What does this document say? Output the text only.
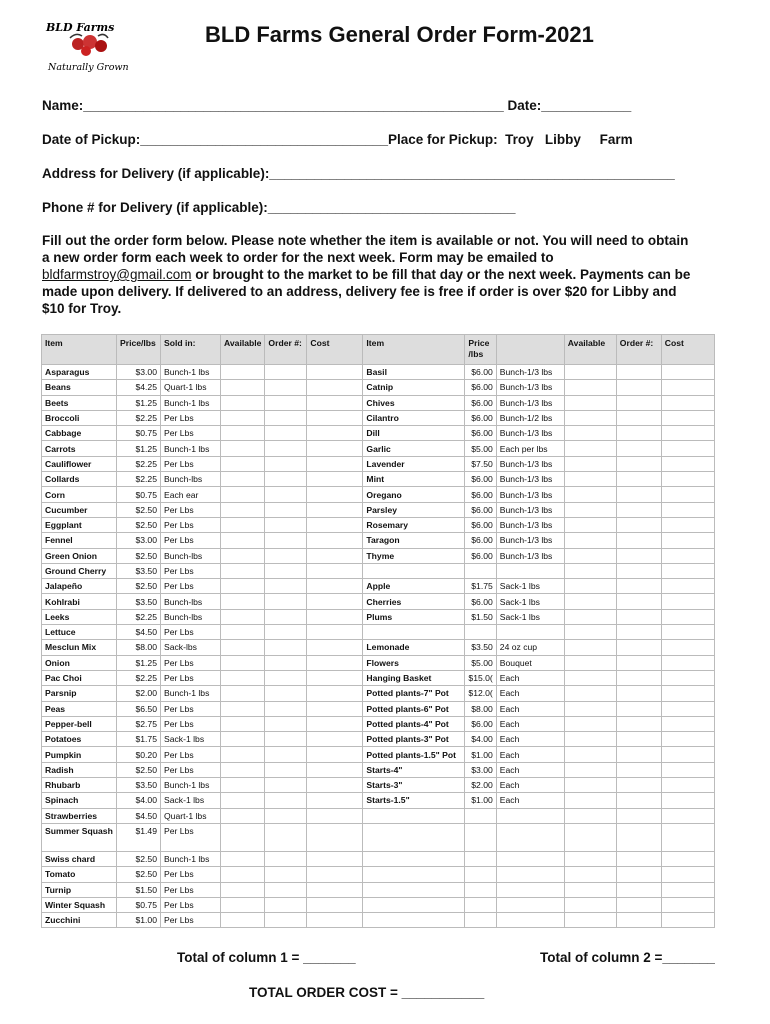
BLD Farms
Naturally Grown
BLD Farms General Order Form-2021
Name:________________________________________________________ Date:____________
Date of Pickup:_________________________________Place for Pickup:  Troy   Libby     Farm
Address for Delivery (if applicable):______________________________________________________
Phone # for Delivery (if applicable):_________________________________
Fill out the order form below. Please note whether the item is available or not. You will need to obtain a new order form each week to order for the next week. Form may be emailed to bldfarmstroy@gmail.com or brought to the market to be fill that day or the next week. Payments can be made upon delivery. If delivered to an address, delivery fee is free if order is over $20 for Libby and $10 for Troy.
Item	Price/lbs	Sold in:	Available	Order #:	Cost	Item	Price /lbs		Available	Order #:	Cost
Asparagus	$3.00	Bunch-1 lbs				Basil	$6.00	Bunch-1/3 lbs			
Beans	$4.25	Quart-1 lbs				Catnip	$6.00	Bunch-1/3 lbs			
Beets	$1.25	Bunch-1 lbs				Chives	$6.00	Bunch-1/3 lbs			
Broccoli	$2.25	Per Lbs				Cilantro	$6.00	Bunch-1/2 lbs			
Cabbage	$0.75	Per Lbs				Dill	$6.00	Bunch-1/3 lbs			
Carrots	$1.25	Bunch-1 lbs				Garlic	$5.00	Each per lbs			
Cauliflower	$2.25	Per Lbs				Lavender	$7.50	Bunch-1/3 lbs			
Collards	$2.25	Bunch-lbs				Mint	$6.00	Bunch-1/3 lbs			
Corn	$0.75	Each ear				Oregano	$6.00	Bunch-1/3 lbs			
Cucumber	$2.50	Per Lbs				Parsley	$6.00	Bunch-1/3 lbs			
Eggplant	$2.50	Per Lbs				Rosemary	$6.00	Bunch-1/3 lbs			
Fennel	$3.00	Per Lbs				Taragon	$6.00	Bunch-1/3 lbs			
Green Onion	$2.50	Bunch-lbs				Thyme	$6.00	Bunch-1/3 lbs			
Ground Cherry	$3.50	Per Lbs									
Jalapeño	$2.50	Per Lbs				Apple	$1.75	Sack-1 lbs			
Kohlrabi	$3.50	Bunch-lbs				Cherries	$6.00	Sack-1 lbs			
Leeks	$2.25	Bunch-lbs				Plums	$1.50	Sack-1 lbs			
Lettuce	$4.50	Per Lbs									
Mesclun Mix	$8.00	Sack-lbs				Lemonade	$3.50	24 oz cup			
Onion	$1.25	Per Lbs				Flowers	$5.00	Bouquet			
Pac Choi	$2.25	Per Lbs				Hanging Basket	$15.0(	Each			
Parsnip	$2.00	Bunch-1 lbs				Potted plants-7" Pot	$12.0(	Each			
Peas	$6.50	Per Lbs				Potted plants-6" Pot	$8.00	Each			
Pepper-bell	$2.75	Per Lbs				Potted plants-4" Pot	$6.00	Each			
Potatoes	$1.75	Sack-1 lbs				Potted plants-3" Pot	$4.00	Each			
Pumpkin	$0.20	Per Lbs				Potted plants-1.5" Pot	$1.00	Each			
Radish	$2.50	Per Lbs				Starts-4"	$3.00	Each			
Rhubarb	$3.50	Bunch-1 lbs				Starts-3"	$2.00	Each			
Spinach	$4.00	Sack-1 lbs				Starts-1.5"	$1.00	Each			
Strawberries	$4.50	Quart-1 lbs									
Summer Squash	$1.49	Per Lbs									
Swiss chard	$2.50	Bunch-1 lbs									
Tomato	$2.50	Per Lbs									
Turnip	$1.50	Per Lbs									
Winter Squash	$0.75	Per Lbs									
Zucchini	$1.00	Per Lbs									
Total of column 1 = _______	Total of column 2 =_______
TOTAL ORDER COST = ___________
